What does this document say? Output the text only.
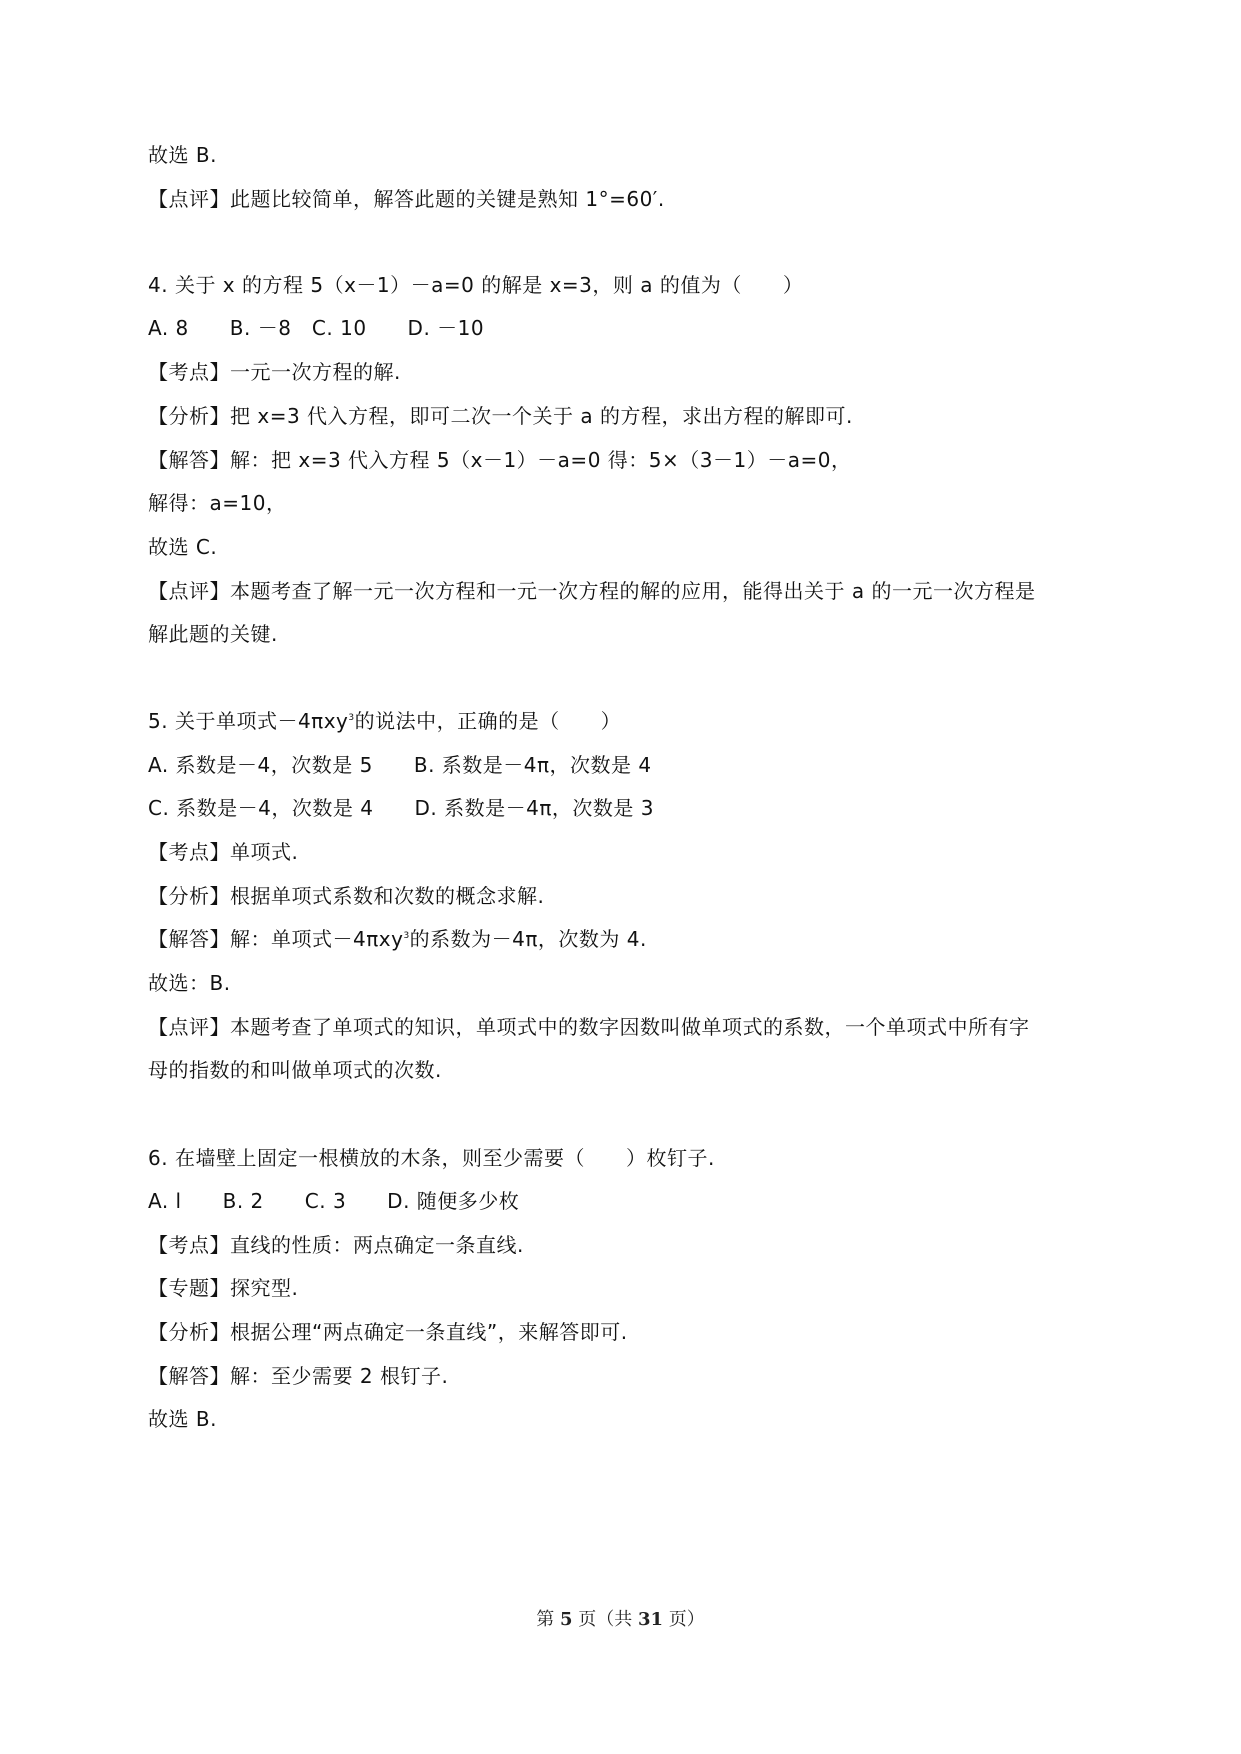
故选 B.
【点评】此题比较简单，解答此题的关键是熟知 1°=60′.
4. 关于 x 的方程 5（x－1）－a=0 的解是 x=3，则 a 的值为（　　）
A. 8　　B. －8　C. 10　　D. －10
【考点】一元一次方程的解.
【分析】把 x=3 代入方程，即可二次一个关于 a 的方程，求出方程的解即可.
【解答】解：把 x=3 代入方程 5（x－1）－a=0 得：5×（3－1）－a=0，
解得：a=10，
故选 C.
【点评】本题考查了解一元一次方程和一元一次方程的解的应用，能得出关于 a 的一元一次方程是
解此题的关键.
5. 关于单项式－4πxy$^3$的说法中，正确的是（　　）
A. 系数是－4，次数是 5　　B. 系数是－4π，次数是 4
C. 系数是－4，次数是 4　　D. 系数是－4π，次数是 3
【考点】单项式.
【分析】根据单项式系数和次数的概念求解.
【解答】解：单项式－4πxy$^3$的系数为－4π，次数为 4.
故选：B.
【点评】本题考查了单项式的知识，单项式中的数字因数叫做单项式的系数，一个单项式中所有字
母的指数的和叫做单项式的次数.
6. 在墙壁上固定一根横放的木条，则至少需要（　　）枚钉子.
A. l　　B. 2　　C. 3　　D. 随便多少枚
【考点】直线的性质：两点确定一条直线.
【专题】探究型.
【分析】根据公理“两点确定一条直线”，来解答即可.
【解答】解：至少需要 2 根钉子.
故选 B.
第 5 页（共 31 页）
